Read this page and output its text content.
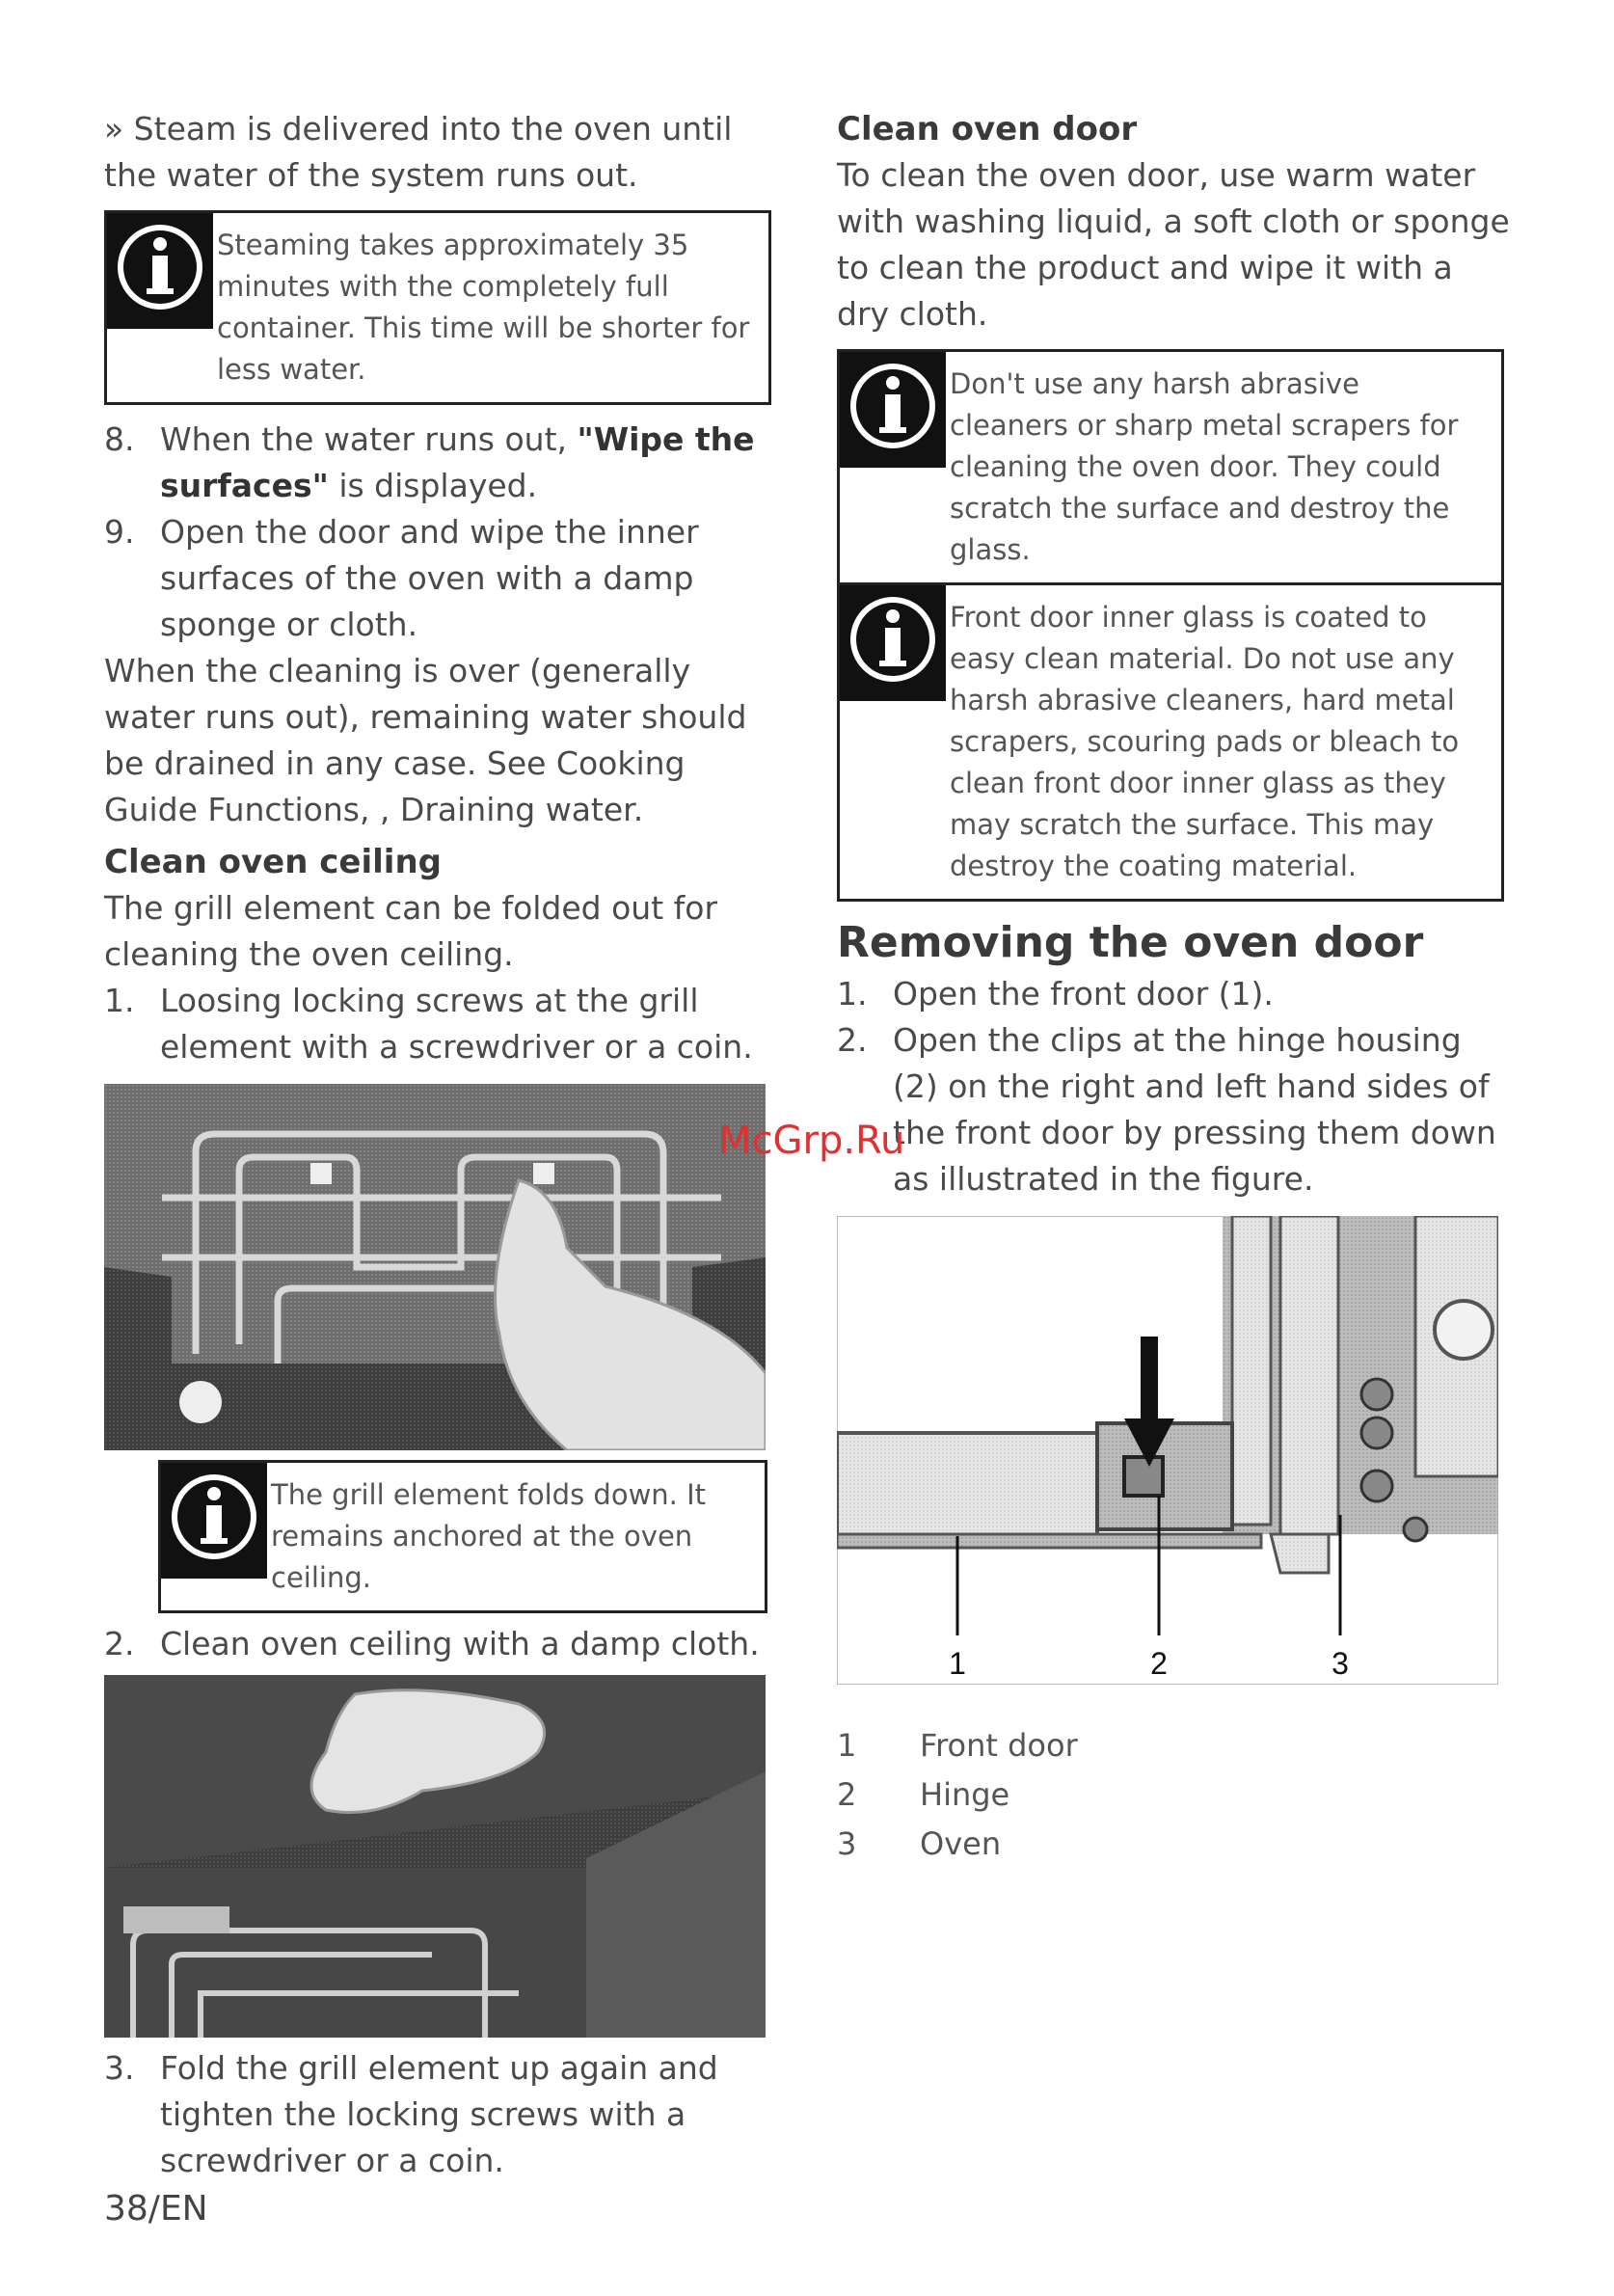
» Steam is delivered into the oven until the water of the system runs out.

Steaming takes approximately 35 minutes with the completely full container. This time will be shorter for less water.
8. When the water runs out, "Wipe the surfaces" is displayed.
9. Open the door and wipe the inner surfaces of the oven with a damp sponge or cloth.

When the cleaning is over (generally water runs out), remaining water should be drained in any case. See Cooking Guide Functions, , Draining water.

Clean oven ceiling

The grill element can be folded out for cleaning the oven ceiling.

1. Loosing locking screws at the grill element with a screwdriver or a coin.
The grill element folds down. It remains anchored at the oven ceiling.
2. Clean oven ceiling with a damp cloth.
3. Fold the grill element up again and tighten the locking screws with a screwdriver or a coin.
Clean oven door

To clean the oven door, use warm water with washing liquid, a soft cloth or sponge to clean the product and wipe it with a dry cloth.

Don't use any harsh abrasive cleaners or sharp metal scrapers for cleaning the oven door. They could scratch the surface and destroy the glass.
Front door inner glass is coated to easy clean material. Do not use any harsh abrasive cleaners, hard metal scrapers, scouring pads or bleach to clean front door inner glass as they may scratch the surface. This may destroy the coating material.
Removing the oven door
1. Open the front door (1).
2. Open the clips at the hinge housing (2) on the right and left hand sides of the front door by pressing them down as illustrated in the figure.
1	2	3
1	Front door
2	Hinge
3	Oven
McGrp.Ru
38/EN
